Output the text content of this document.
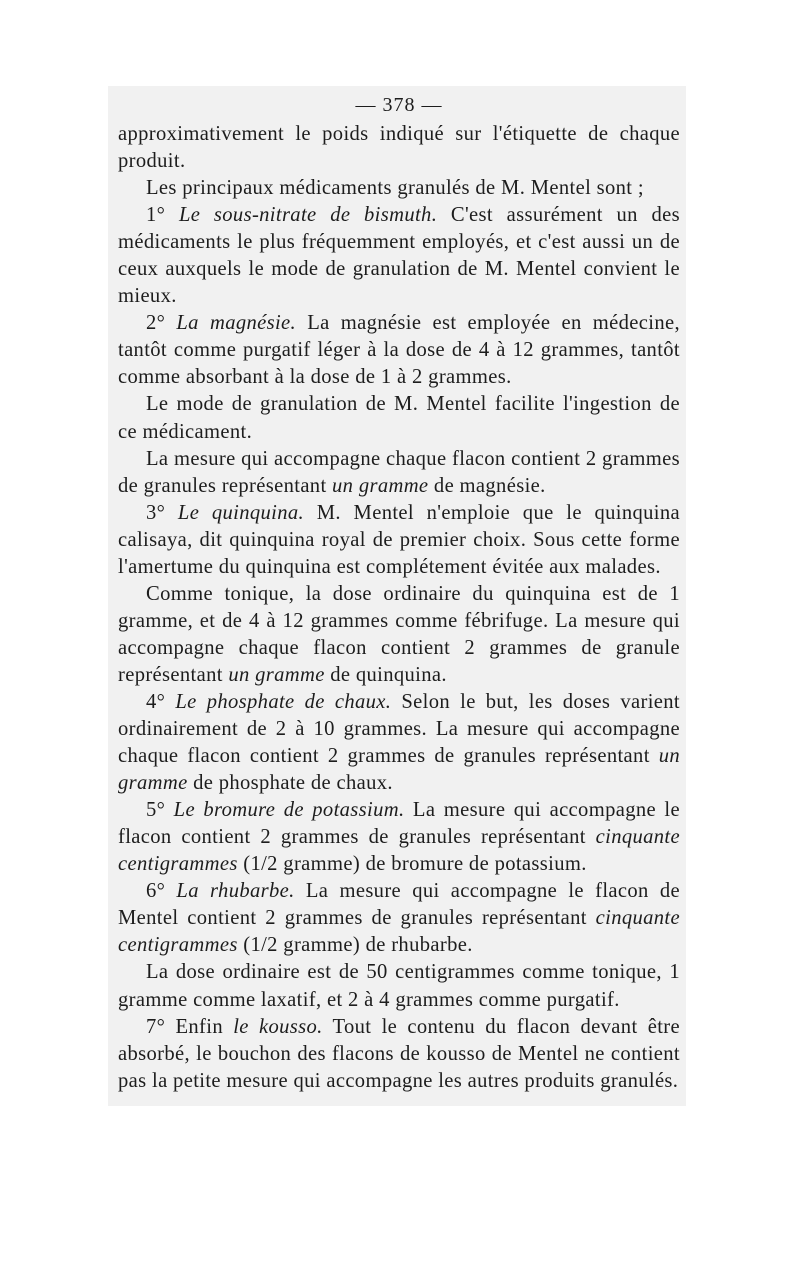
— 378 —

approximativement le poids indiqué sur l'étiquette de chaque produit.

Les principaux médicaments granulés de M. Mentel sont ;

1° Le sous-nitrate de bismuth. C'est assurément un des médicaments le plus fréquemment employés, et c'est aussi un de ceux auxquels le mode de granulation de M. Mentel convient le mieux.

2° La magnésie. La magnésie est employée en médecine, tantôt comme purgatif léger à la dose de 4 à 12 grammes, tantôt comme absorbant à la dose de 1 à 2 grammes.

Le mode de granulation de M. Mentel facilite l'ingestion de ce médicament.

La mesure qui accompagne chaque flacon contient 2 grammes de granules représentant un gramme de magnésie.

3° Le quinquina. M. Mentel n'emploie que le quinquina calisaya, dit quinquina royal de premier choix. Sous cette forme l'amertume du quinquina est complétement évitée aux malades.

Comme tonique, la dose ordinaire du quinquina est de 1 gramme, et de 4 à 12 grammes comme fébrifuge. La mesure qui accompagne chaque flacon contient 2 grammes de granule représentant un gramme de quinquina.

4° Le phosphate de chaux. Selon le but, les doses varient ordinairement de 2 à 10 grammes. La mesure qui accompagne chaque flacon contient 2 grammes de granules représentant un gramme de phosphate de chaux.

5° Le bromure de potassium. La mesure qui accompagne le flacon contient 2 grammes de granules représentant cinquante centigrammes (1/2 gramme) de bromure de potassium.

6° La rhubarbe. La mesure qui accompagne le flacon de Mentel contient 2 grammes de granules représentant cinquante centigrammes (1/2 gramme) de rhubarbe.

La dose ordinaire est de 50 centigrammes comme tonique, 1 gramme comme laxatif, et 2 à 4 grammes comme purgatif.

7° Enfin le kousso. Tout le contenu du flacon devant être absorbé, le bouchon des flacons de kousso de Mentel ne contient pas la petite mesure qui accompagne les autres produits granulés.
